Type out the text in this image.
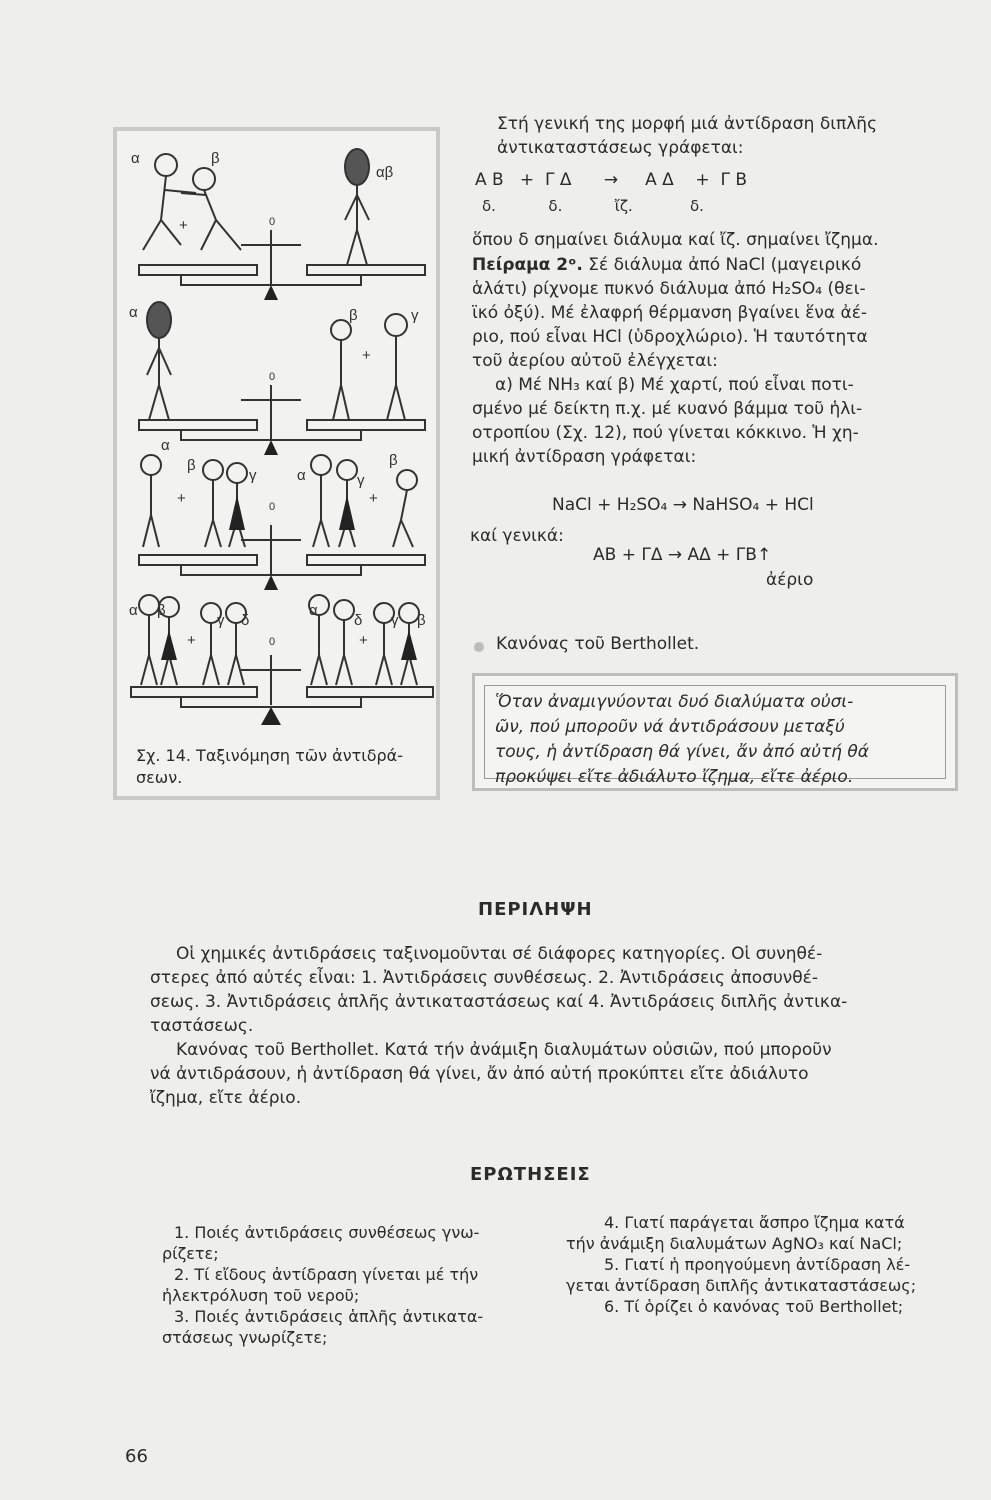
α	β
+	0
αβ
α	β	γ
+
0
α
β
γ
+
α	γ
β
+
0
α β
γ δ
+
α
δ γ β
+
0
Σχ. 14. Ταξινόμηση τῶν ἀντιδρά-σεων.

Στή γενική της μορφή μιά ἀντίδραση διπλῆς

ἀντικαταστάσεως γράφεται:

Α Β   +  Γ Δ      →     Α Δ    +  Γ Β
δ.           δ.           ἴζ.            δ.
ὅπου δ σημαίνει διάλυμα καί ἴζ. σημαίνει ἴζημα.

Πείραμα 2ᵒ. Σέ διάλυμα ἀπό NaCl (μαγειρικό

ἁλάτι) ρίχνομε πυκνό διάλυμα ἀπό H₂SO₄ (θει-

ϊκό ὀξύ). Μέ ἐλαφρή θέρμανση βγαίνει ἕνα ἀέ-

ριο, πού εἶναι HCl (ὑδροχλώριο). Ἡ ταυτότητα

τοῦ ἀερίου αὐτοῦ ἐλέγχεται:

α) Μέ NH₃ καί β) Μέ χαρτί, πού εἶναι ποτι-

σμένο μέ δείκτη π.χ. μέ κυανό βάμμα τοῦ ἡλι-

οτροπίου (Σχ. 12), πού γίνεται κόκκινο. Ἡ χη-

μική ἀντίδραση γράφεται:

NaCl + H₂SO₄ → NaHSO₄ + HCl
καί γενικά:
ΑΒ + ΓΔ → ΑΔ + ΓΒ↑
ἀέριο
Κανόνας τοῦ Berthollet.
Ὅταν ἀναμιγνύονται δυό διαλύματα οὐσι-
ῶν, πού μποροῦν νά ἀντιδράσουν μεταξύ
τους, ἡ ἀντίδραση θά γίνει, ἄν ἀπό αὐτή θά
προκύψει εἴτε ἀδιάλυτο ἴζημα, εἴτε ἀέριο.
ΠΕΡΙΛΗΨΗ

Οἱ χημικές ἀντιδράσεις ταξινομοῦνται σέ διάφορες κατηγορίες. Οἱ συνηθέ-

στερες ἀπό αὐτές εἶναι: 1. Ἀντιδράσεις συνθέσεως. 2. Ἀντιδράσεις ἀποσυνθέ-

σεως. 3. Ἀντιδράσεις ἁπλῆς ἀντικαταστάσεως καί 4. Ἀντιδράσεις διπλῆς ἀντικα-

ταστάσεως.

Κανόνας τοῦ Berthollet. Κατά τήν ἀνάμιξη διαλυμάτων οὐσιῶν, πού μποροῦν

νά ἀντιδράσουν, ἡ ἀντίδραση θά γίνει, ἄν ἀπό αὐτή προκύπτει εἴτε ἀδιάλυτο

ἴζημα, εἴτε ἀέριο.

ΕΡΩΤΗΣΕΙΣ
1. Ποιές ἀντιδράσεις συνθέσεως γνω-
ρίζετε;
2. Τί εἴδους ἀντίδραση γίνεται μέ τήν
ἠλεκτρόλυση τοῦ νεροῦ;
3. Ποιές ἀντιδράσεις ἁπλῆς ἀντικατα-
στάσεως γνωρίζετε;
4. Γιατί παράγεται ἄσπρο ἴζημα κατά
τήν ἀνάμιξη διαλυμάτων AgNO₃ καί NaCl;
5. Γιατί ἡ προηγούμενη ἀντίδραση λέ-
γεται ἀντίδραση διπλῆς ἀντικαταστάσεως;
6. Τί ὁρίζει ὁ κανόνας τοῦ Berthollet;
66
